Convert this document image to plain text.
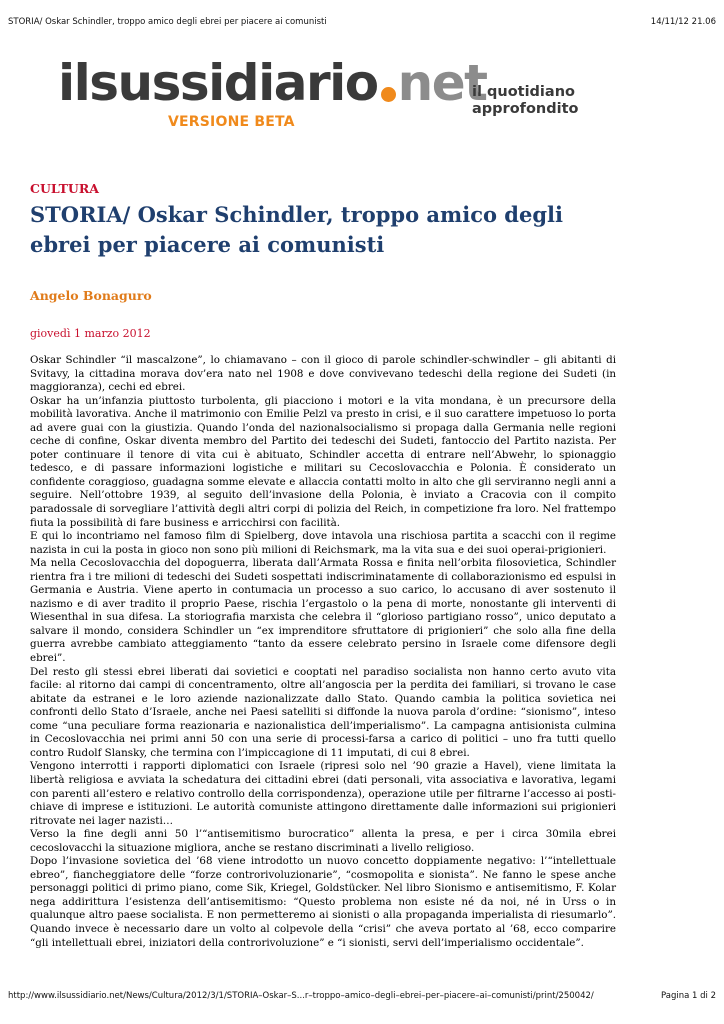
STORIA/ Oskar Schindler, troppo amico degli ebrei per piacere ai comunisti	14/11/12 21.06
ilsussidiario net
VERSIONE BETA
il quotidiano
approfondito
CULTURA
STORIA/ Oskar Schindler, troppo amico degli ebrei per piacere ai comunisti
Angelo Bonaguro
giovedì 1 marzo 2012

Oskar Schindler “il mascalzone”, lo chiamavano – con il gioco di parole schindler-schwindler – gli abitanti di Svitavy, la cittadina morava dov’era nato nel 1908 e dove convivevano tedeschi della regione dei Sudeti (in maggioranza), cechi ed ebrei.

Oskar ha un’infanzia piuttosto turbolenta, gli piacciono i motori e la vita mondana, è un precursore della mobilità lavorativa. Anche il matrimonio con Emilie Pelzl va presto in crisi, e il suo carattere impetuoso lo porta ad avere guai con la giustizia. Quando l’onda del nazionalsocialismo si propaga dalla Germania nelle regioni ceche di confine, Oskar diventa membro del Partito dei tedeschi dei Sudeti, fantoccio del Partito nazista. Per poter continuare il tenore di vita cui è abituato, Schindler accetta di entrare nell’Abwehr, lo spionaggio tedesco, e di passare informazioni logistiche e militari su Cecoslovacchia e Polonia. È considerato un confidente coraggioso, guadagna somme elevate e allaccia contatti molto in alto che gli serviranno negli anni a seguire. Nell’ottobre 1939, al seguito dell’invasione della Polonia, è inviato a Cracovia con il compito paradossale di sorvegliare l’attività degli altri corpi di polizia del Reich, in competizione fra loro. Nel frattempo fiuta la possibilità di fare business e arricchirsi con facilità.

E qui lo incontriamo nel famoso film di Spielberg, dove intavola una rischiosa partita a scacchi con il regime nazista in cui la posta in gioco non sono più milioni di Reichsmark, ma la vita sua e dei suoi operai-prigionieri.

Ma nella Cecoslovacchia del dopoguerra, liberata dall’Armata Rossa e finita nell’orbita filosovietica, Schindler rientra fra i tre milioni di tedeschi dei Sudeti sospettati indiscriminatamente di collaborazionismo ed espulsi in Germania e Austria. Viene aperto in contumacia un processo a suo carico, lo accusano di aver sostenuto il nazismo e di aver tradito il proprio Paese, rischia l’ergastolo o la pena di morte, nonostante gli interventi di Wiesenthal in sua difesa. La storiografia marxista che celebra il “glorioso partigiano rosso”, unico deputato a salvare il mondo, considera Schindler un “ex imprenditore sfruttatore di prigionieri” che solo alla fine della guerra avrebbe cambiato atteggiamento “tanto da essere celebrato persino in Israele come difensore degli ebrei”.

Del resto gli stessi ebrei liberati dai sovietici e cooptati nel paradiso socialista non hanno certo avuto vita facile: al ritorno dai campi di concentramento, oltre all’angoscia per la perdita dei familiari, si trovano le case abitate da estranei e le loro aziende nazionalizzate dallo Stato. Quando cambia la politica sovietica nei confronti dello Stato d’Israele, anche nei Paesi satelliti si diffonde la nuova parola d’ordine: “sionismo”, inteso come “una peculiare forma reazionaria e nazionalistica dell’imperialismo”. La campagna antisionista culmina in Cecoslovacchia nei primi anni 50 con una serie di processi-farsa a carico di politici – uno fra tutti quello contro Rudolf Slansky, che termina con l’impiccagione di 11 imputati, di cui 8 ebrei.

Vengono interrotti i rapporti diplomatici con Israele (ripresi solo nel ’90 grazie a Havel), viene limitata la libertà religiosa e avviata la schedatura dei cittadini ebrei (dati personali, vita associativa e lavorativa, legami con parenti all’estero e relativo controllo della corrispondenza), operazione utile per filtrarne l’accesso ai posti-chiave di imprese e istituzioni. Le autorità comuniste attingono direttamente dalle informazioni sui prigionieri ritrovate nei lager nazisti…

Verso la fine degli anni 50 l’“antisemitismo burocratico” allenta la presa, e per i circa 30mila ebrei cecoslovacchi la situazione migliora, anche se restano discriminati a livello religioso.

Dopo l’invasione sovietica del ’68 viene introdotto un nuovo concetto doppiamente negativo: l’“intellettuale ebreo”, fiancheggiatore delle “forze controrivoluzionarie”, “cosmopolita e sionista”. Ne fanno le spese anche personaggi politici di primo piano, come Sik, Kriegel, Goldstücker. Nel libro Sionismo e antisemitismo, F. Kolar nega addirittura l’esistenza dell’antisemitismo: “Questo problema non esiste né da noi, né in Urss o in qualunque altro paese socialista. E non permetteremo ai sionisti o alla propaganda imperialista di riesumarlo”. Quando invece è necessario dare un volto al colpevole della “crisi” che aveva portato al ’68, ecco comparire “gli intellettuali ebrei, iniziatori della controrivoluzione” e “i sionisti, servi dell’imperialismo occidentale”.

http://www.ilsussidiario.net/News/Cultura/2012/3/1/STORIA–Oskar–S...r–troppo–amico–degli–ebrei–per–piacere–ai–comunisti/print/250042/	Pagina 1 di 2
